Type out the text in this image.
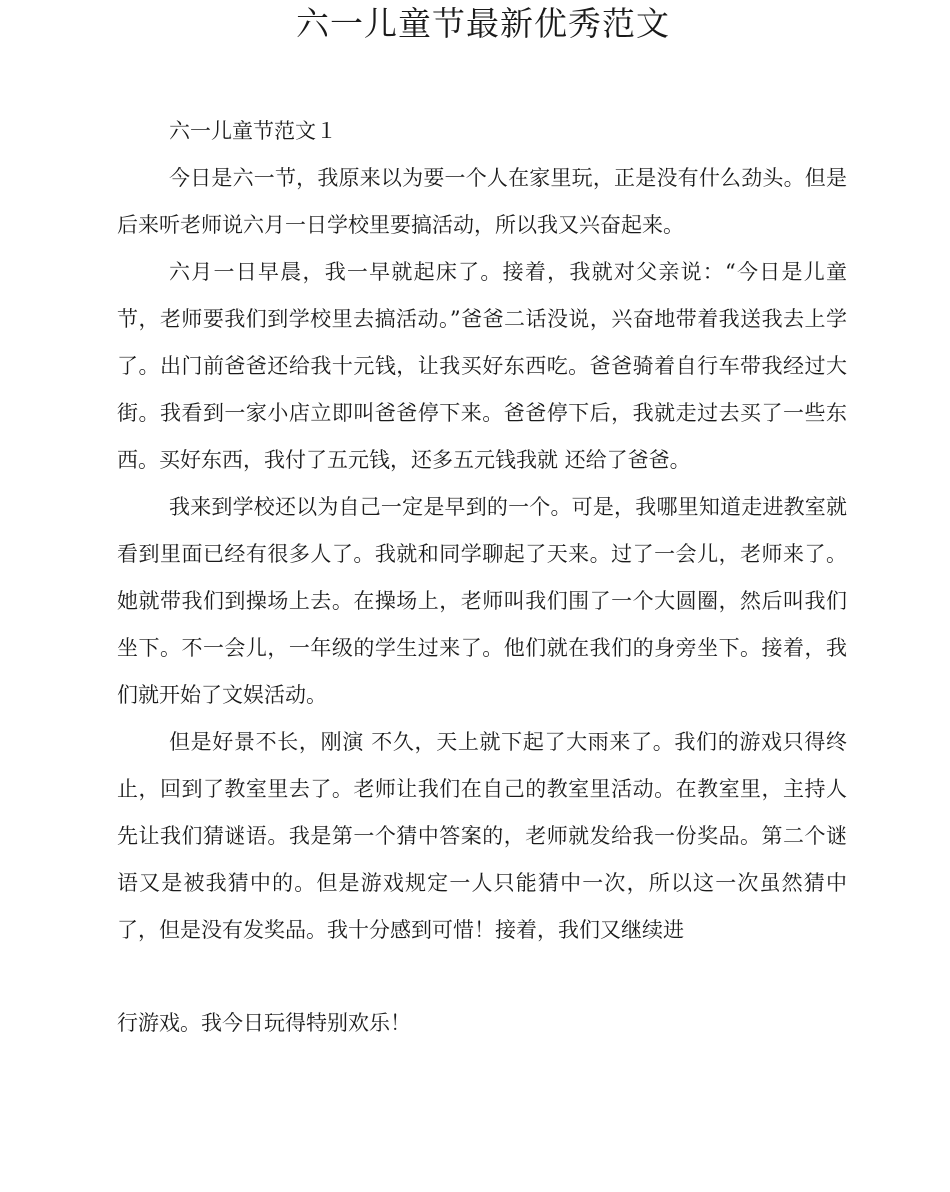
六一儿童节最新优秀范文

六一儿童节范文１

今日是六一节，我原来以为要一个人在家里玩，正是没有什么劲头。但是后来听老师说六月一日学校里要搞活动，所以我又兴奋起来。

六月一日早晨，我一早就起床了。接着，我就对父亲说：“今日是儿童节，老师要我们到学校里去搞活动。”爸爸二话没说，兴奋地带着我送我去上学了。出门前爸爸还给我十元钱，让我买好东西吃。爸爸骑着自行车带我经过大街。我看到一家小店立即叫爸爸停下来。爸爸停下后，我就走过去买了一些东西。买好东西，我付了五元钱，还多五元钱我就 还给了爸爸。

我来到学校还以为自己一定是早到的一个。可是，我哪里知道走进教室就看到里面已经有很多人了。我就和同学聊起了天来。过了一会儿，老师来了。她就带我们到操场上去。在操场上，老师叫我们围了一个大圆圈，然后叫我们坐下。不一会儿，一年级的学生过来了。他们就在我们的身旁坐下。接着，我们就开始了文娱活动。

但是好景不长，刚演 不久，天上就下起了大雨来了。我们的游戏只得终止，回到了教室里去了。老师让我们在自己的教室里活动。在教室里，主持人先让我们猜谜语。我是第一个猜中答案的，老师就发给我一份奖品。第二个谜语又是被我猜中的。但是游戏规定一人只能猜中一次，所以这一次虽然猜中了，但是没有发奖品。我十分感到可惜！接着，我们又继续进

行游戏。我今日玩得特别欢乐！
